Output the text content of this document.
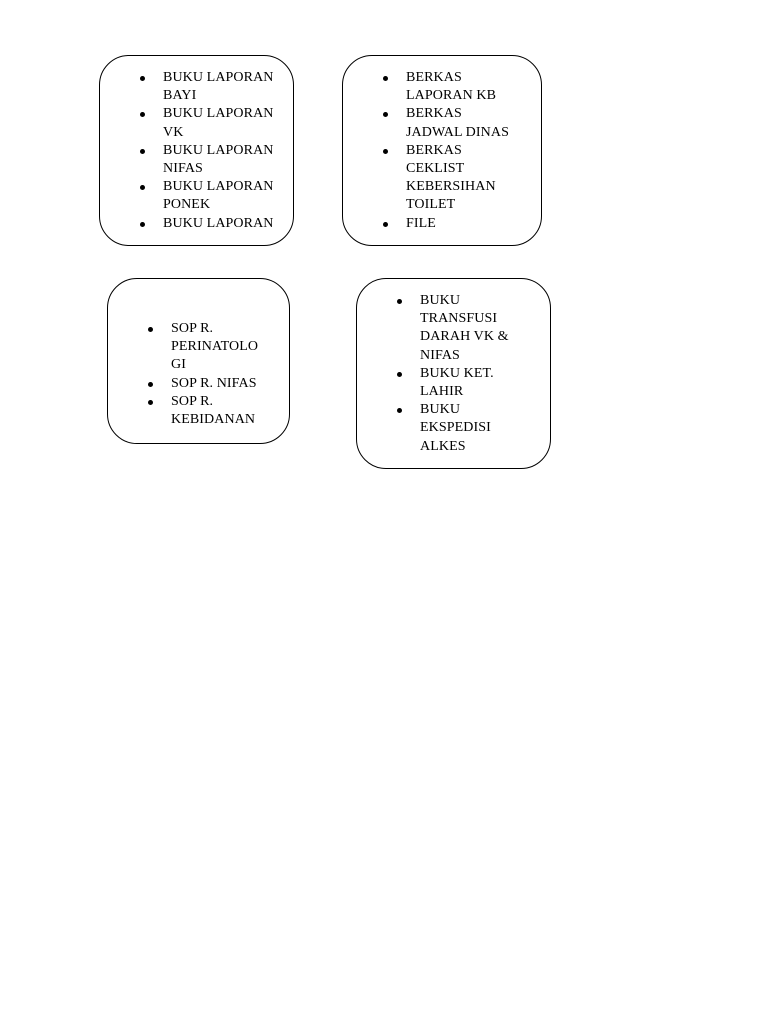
BUKU LAPORAN
BAYI
BUKU LAPORAN
VK
BUKU LAPORAN
NIFAS
BUKU LAPORAN
PONEK
BUKU LAPORAN
BERKAS
LAPORAN KB
BERKAS
JADWAL DINAS
BERKAS
CEKLIST
KEBERSIHAN
TOILET
FILE
SOP R.
PERINATOLO
GI
SOP R. NIFAS
SOP R.
KEBIDANAN
BUKU
TRANSFUSI
DARAH VK &
NIFAS
BUKU KET.
LAHIR
BUKU
EKSPEDISI
ALKES
